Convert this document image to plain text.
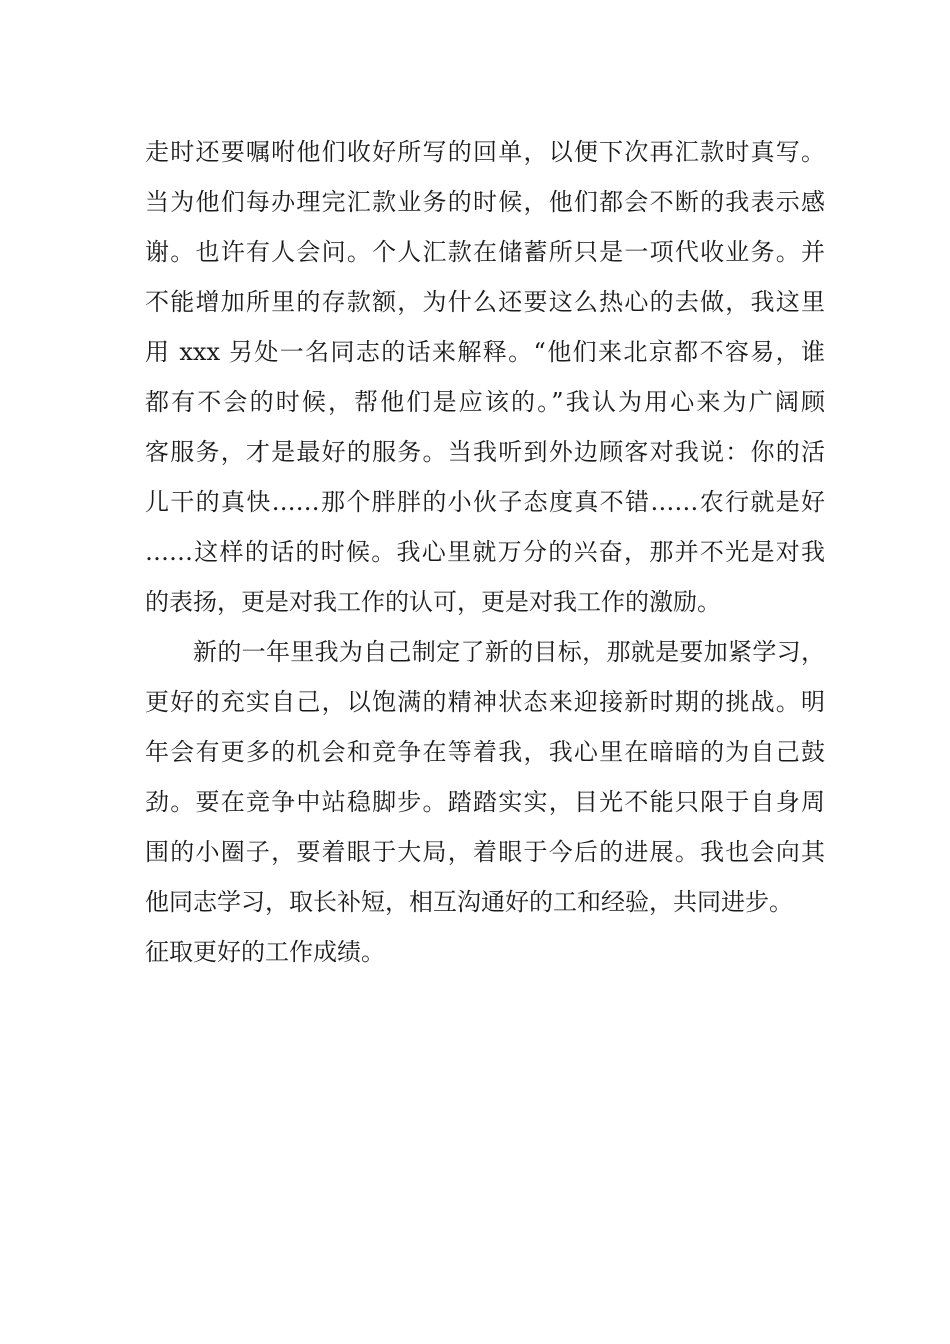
走时还要嘱咐他们收好所写的回单，以便下次再汇款时真写。
当为他们每办理完汇款业务的时候，他们都会不断的我表示感
谢。也许有人会问。个人汇款在储蓄所只是一项代收业务。并
不能增加所里的存款额，为什么还要这么热心的去做，我这里
用 xxx 另处一名同志的话来解释。“他们来北京都不容易，谁
都有不会的时候，帮他们是应该的。”我认为用心来为广阔顾
客服务，才是最好的服务。当我听到外边顾客对我说：你的活
儿干的真快……那个胖胖的小伙子态度真不错……农行就是好
……这样的话的时候。我心里就万分的兴奋，那并不光是对我
的表扬，更是对我工作的认可，更是对我工作的激励。
新的一年里我为自己制定了新的目标，那就是要加紧学习，
更好的充实自己，以饱满的精神状态来迎接新时期的挑战。明
年会有更多的机会和竞争在等着我，我心里在暗暗的为自己鼓
劲。要在竞争中站稳脚步。踏踏实实，目光不能只限于自身周
围的小圈子，要着眼于大局，着眼于今后的进展。我也会向其
他同志学习，取长补短，相互沟通好的工和经验，共同进步。
征取更好的工作成绩。
